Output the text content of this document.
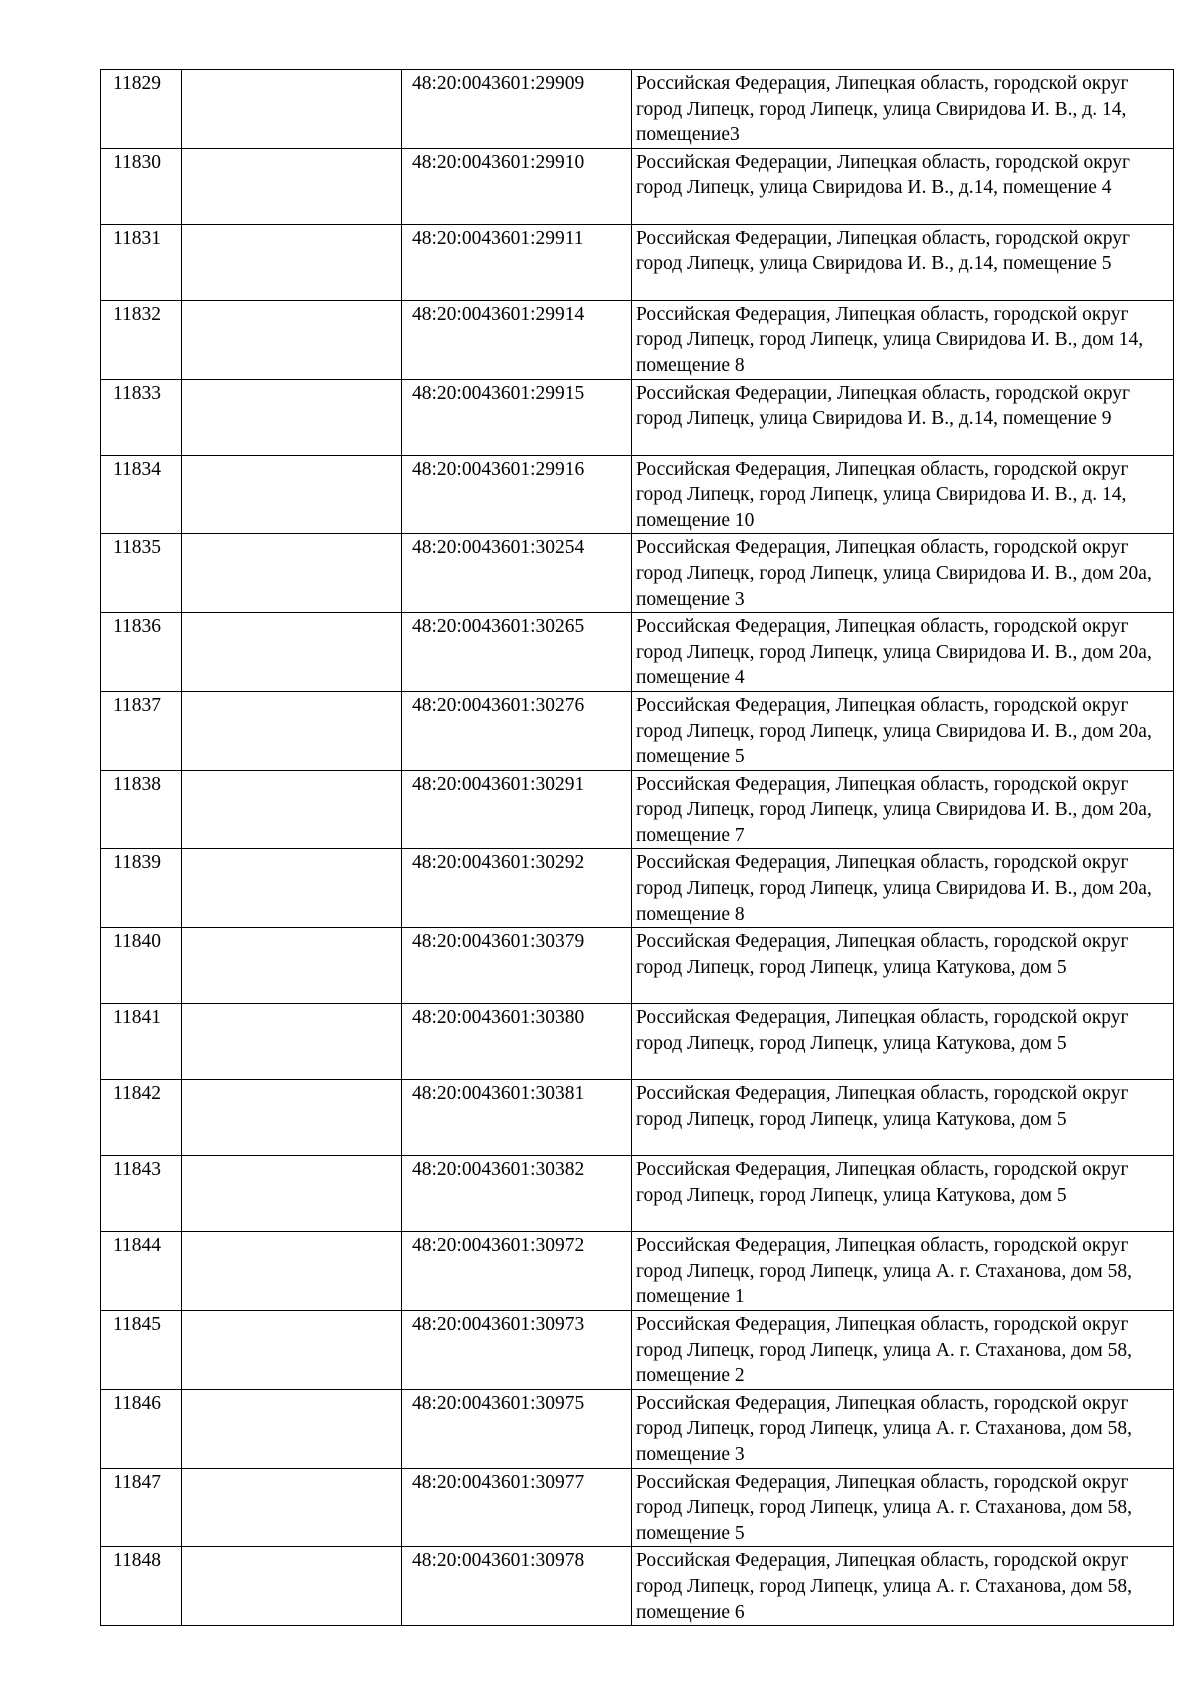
11829		48:20:0043601:29909	Российская Федерация, Липецкая область, городской округ город Липецк, город Липецк, улица Свиридова И. В., д. 14, помещение3
11830		48:20:0043601:29910	Российская Федерации, Липецкая область, городской округ город Липецк, улица Свиридова И. В., д.14, помещение 4
11831		48:20:0043601:29911	Российская Федерации, Липецкая область, городской округ город Липецк, улица Свиридова И. В., д.14, помещение 5
11832		48:20:0043601:29914	Российская Федерация, Липецкая область, городской округ город Липецк, город Липецк, улица Свиридова И. В., дом 14, помещение 8
11833		48:20:0043601:29915	Российская Федерации, Липецкая область, городской округ город Липецк, улица Свиридова И. В., д.14, помещение 9
11834		48:20:0043601:29916	Российская Федерация, Липецкая область, городской округ город Липецк, город Липецк, улица Свиридова И. В., д. 14, помещение 10
11835		48:20:0043601:30254	Российская Федерация, Липецкая область, городской округ город Липецк, город Липецк, улица Свиридова И. В., дом 20а, помещение 3
11836		48:20:0043601:30265	Российская Федерация, Липецкая область, городской округ город Липецк, город Липецк, улица Свиридова И. В., дом 20а, помещение 4
11837		48:20:0043601:30276	Российская Федерация, Липецкая область, городской округ город Липецк, город Липецк, улица Свиридова И. В., дом 20а, помещение 5
11838		48:20:0043601:30291	Российская Федерация, Липецкая область, городской округ город Липецк, город Липецк, улица Свиридова И. В., дом 20а, помещение 7
11839		48:20:0043601:30292	Российская Федерация, Липецкая область, городской округ город Липецк, город Липецк, улица Свиридова И. В., дом 20а, помещение 8
11840		48:20:0043601:30379	Российская Федерация, Липецкая область, городской округ город Липецк, город Липецк, улица Катукова, дом 5
11841		48:20:0043601:30380	Российская Федерация, Липецкая область, городской округ город Липецк, город Липецк, улица Катукова, дом 5
11842		48:20:0043601:30381	Российская Федерация, Липецкая область, городской округ город Липецк, город Липецк, улица Катукова, дом 5
11843		48:20:0043601:30382	Российская Федерация, Липецкая область, городской округ город Липецк, город Липецк, улица Катукова, дом 5
11844		48:20:0043601:30972	Российская Федерация, Липецкая область, городской округ город Липецк, город Липецк, улица А. г. Стаханова, дом 58, помещение 1
11845		48:20:0043601:30973	Российская Федерация, Липецкая область, городской округ город Липецк, город Липецк, улица А. г. Стаханова, дом 58, помещение 2
11846		48:20:0043601:30975	Российская Федерация, Липецкая область, городской округ город Липецк, город Липецк, улица А. г. Стаханова, дом 58, помещение 3
11847		48:20:0043601:30977	Российская Федерация, Липецкая область, городской округ город Липецк, город Липецк, улица А. г. Стаханова, дом 58, помещение 5
11848		48:20:0043601:30978	Российская Федерация, Липецкая область, городской округ город Липецк, город Липецк, улица А. г. Стаханова, дом 58, помещение 6
